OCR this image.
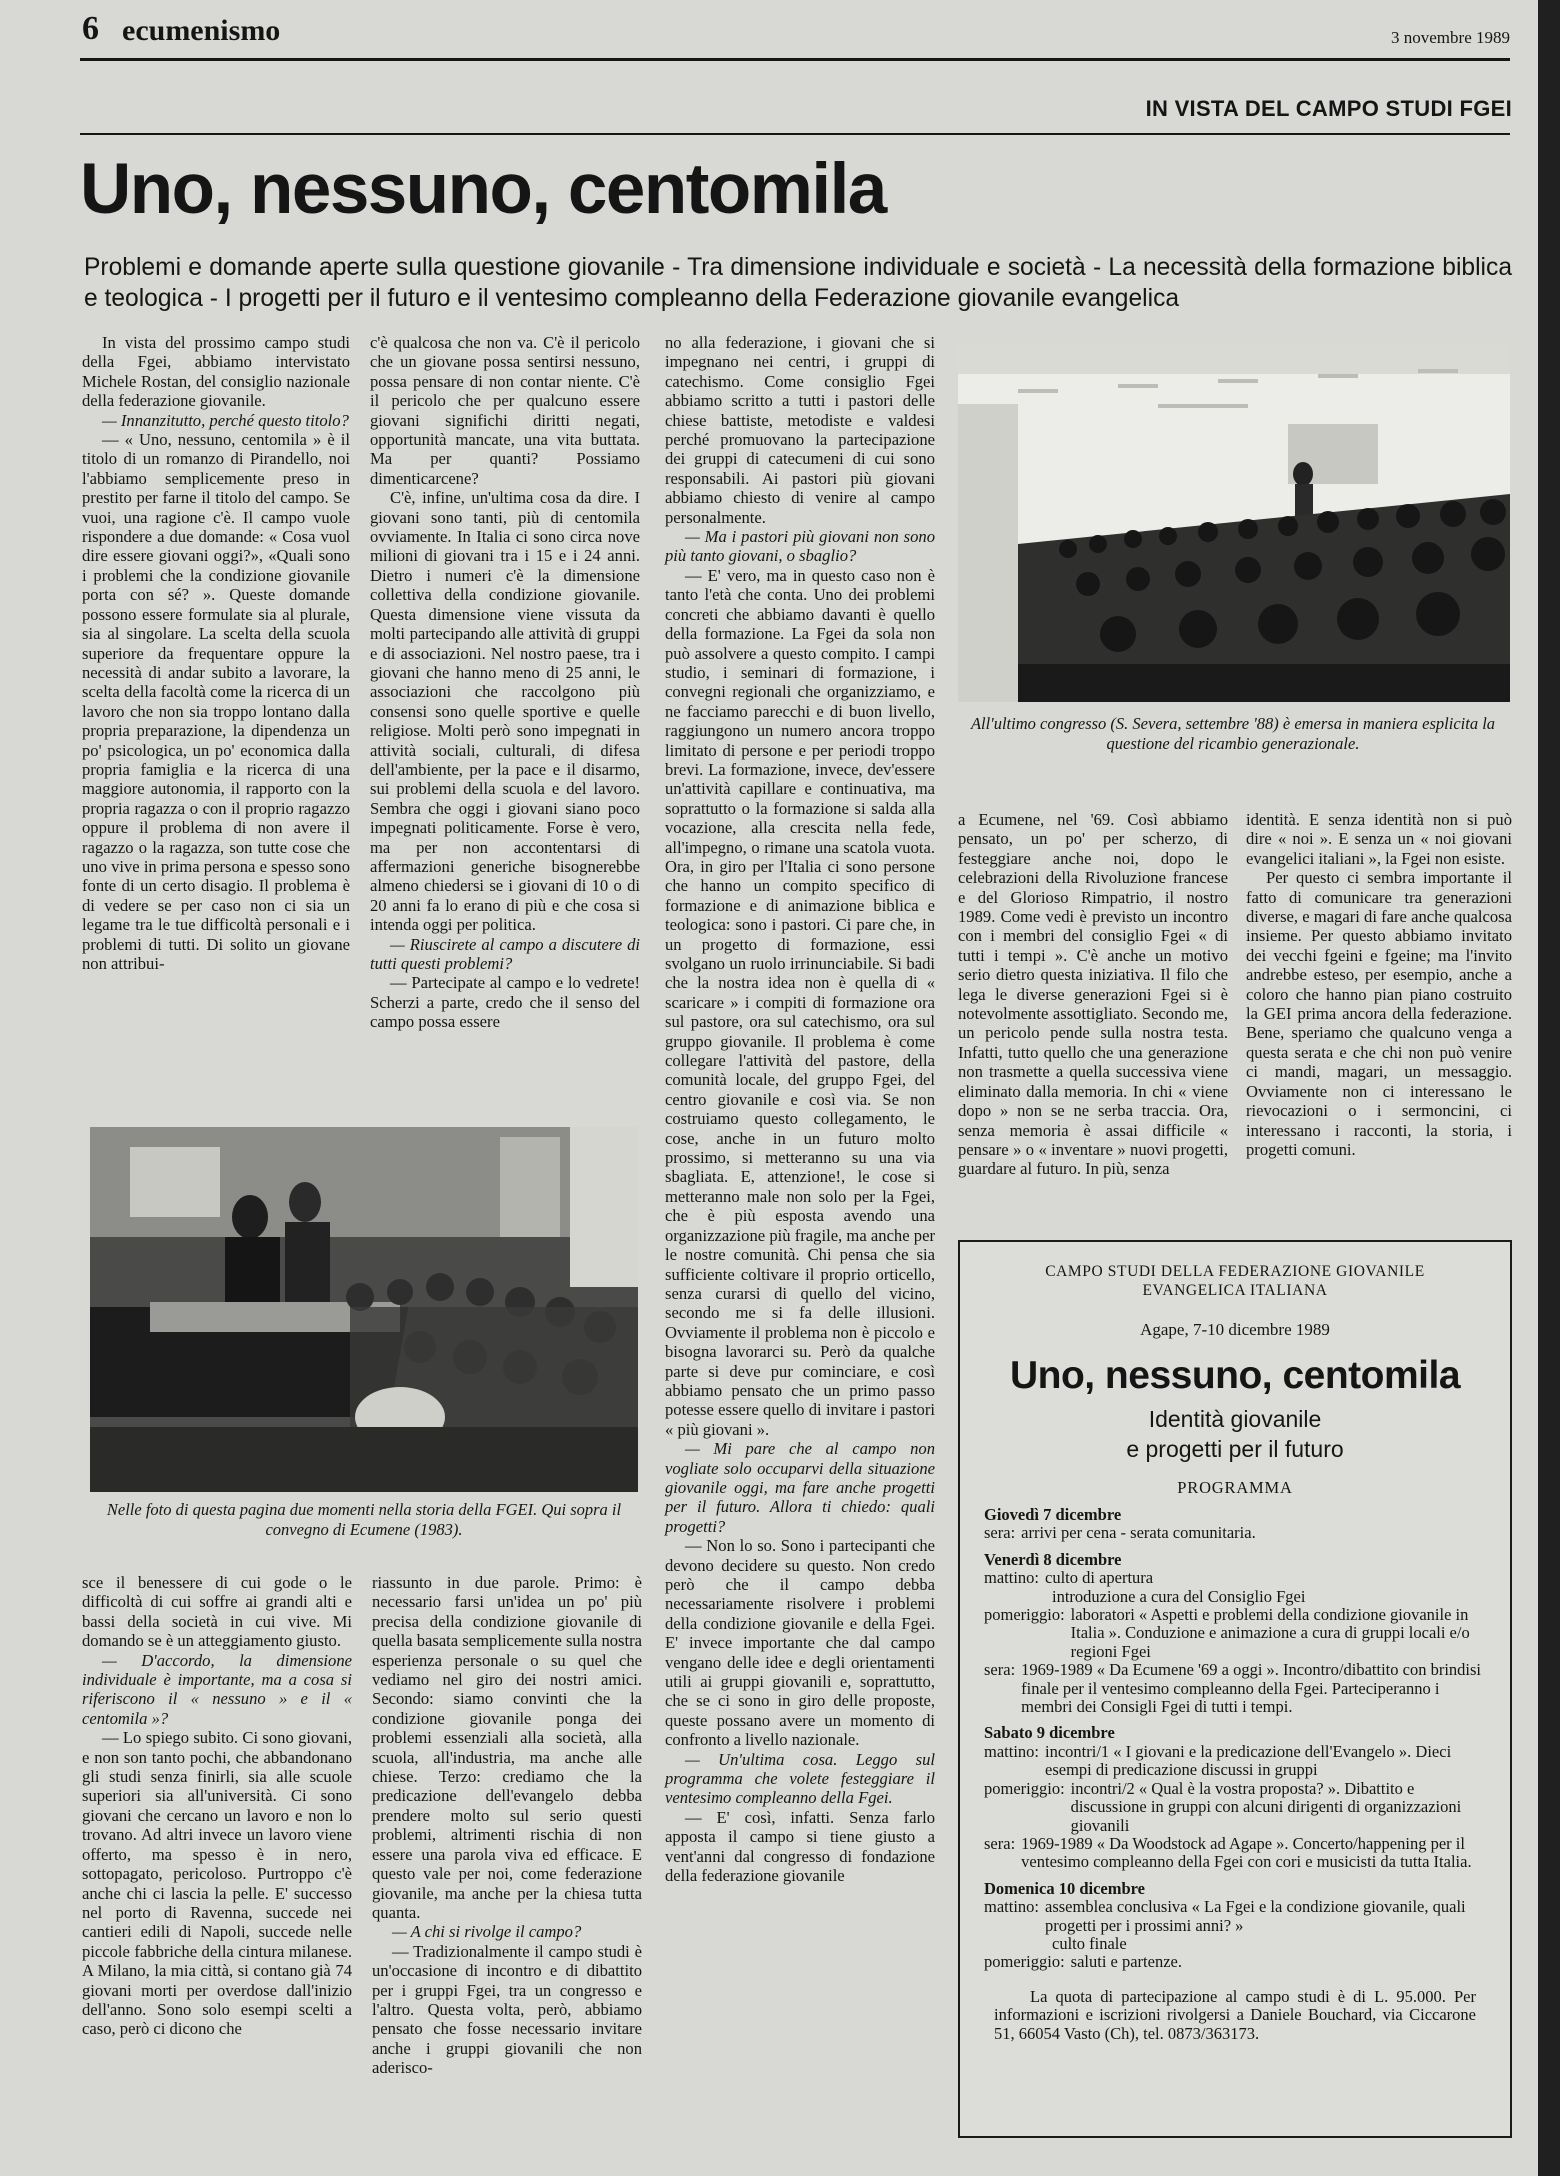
6 ecumenismo	3 novembre 1989
IN VISTA DEL CAMPO STUDI FGEI
Uno, nessuno, centomila
Problemi e domande aperte sulla questione giovanile - Tra dimensione individuale e società - La necessità della formazione biblica e teologica - I progetti per il futuro e il ventesimo compleanno della Federazione giovanile evangelica

In vista del prossimo campo studi della Fgei, abbiamo intervistato Michele Rostan, del consiglio nazionale della federazione giovanile.

— Innanzitutto, perché questo titolo?

— « Uno, nessuno, centomila » è il titolo di un romanzo di Pirandello, noi l'abbiamo semplicemente preso in prestito per farne il titolo del campo. Se vuoi, una ragione c'è. Il campo vuole rispondere a due domande: « Cosa vuol dire essere giovani oggi?», «Quali sono i problemi che la condizione giovanile porta con sé? ». Queste domande possono essere formulate sia al plurale, sia al singolare. La scelta della scuola superiore da frequentare oppure la necessità di andar subito a lavorare, la scelta della facoltà come la ricerca di un lavoro che non sia troppo lontano dalla propria preparazione, la dipendenza un po' psicologica, un po' economica dalla propria famiglia e la ricerca di una maggiore autonomia, il rapporto con la propria ragazza o con il proprio ragazzo oppure il problema di non avere il ragazzo o la ragazza, son tutte cose che uno vive in prima persona e spesso sono fonte di un certo disagio. Il problema è di vedere se per caso non ci sia un legame tra le tue difficoltà personali e i problemi di tutti. Di solito un giovane non attribui-

c'è qualcosa che non va. C'è il pericolo che un giovane possa sentirsi nessuno, possa pensare di non contar niente. C'è il pericolo che per qualcuno essere giovani significhi diritti negati, opportunità mancate, una vita buttata. Ma per quanti? Possiamo dimenticarcene?

C'è, infine, un'ultima cosa da dire. I giovani sono tanti, più di centomila ovviamente. In Italia ci sono circa nove milioni di giovani tra i 15 e i 24 anni. Dietro i numeri c'è la dimensione collettiva della condizione giovanile. Questa dimensione viene vissuta da molti partecipando alle attività di gruppi e di associazioni. Nel nostro paese, tra i giovani che hanno meno di 25 anni, le associazioni che raccolgono più consensi sono quelle sportive e quelle religiose. Molti però sono impegnati in attività sociali, culturali, di difesa dell'ambiente, per la pace e il disarmo, sui problemi della scuola e del lavoro. Sembra che oggi i giovani siano poco impegnati politicamente. Forse è vero, ma per non accontentarsi di affermazioni generiche bisognerebbe almeno chiedersi se i giovani di 10 o di 20 anni fa lo erano di più e che cosa si intenda oggi per politica.

— Riuscirete al campo a discutere di tutti questi problemi?

— Partecipate al campo e lo vedrete! Scherzi a parte, credo che il senso del campo possa essere

Nelle foto di questa pagina due momenti nella storia della FGEI. Qui sopra il convegno di Ecumene (1983).

sce il benessere di cui gode o le difficoltà di cui soffre ai grandi alti e bassi della società in cui vive. Mi domando se è un atteggiamento giusto.

— D'accordo, la dimensione individuale è importante, ma a cosa si riferiscono il « nessuno » e il « centomila »?

— Lo spiego subito. Ci sono giovani, e non son tanto pochi, che abbandonano gli studi senza finirli, sia alle scuole superiori sia all'università. Ci sono giovani che cercano un lavoro e non lo trovano. Ad altri invece un lavoro viene offerto, ma spesso è in nero, sottopagato, pericoloso. Purtroppo c'è anche chi ci lascia la pelle. E' successo nel porto di Ravenna, succede nei cantieri edili di Napoli, succede nelle piccole fabbriche della cintura milanese. A Milano, la mia città, si contano già 74 giovani morti per overdose dall'inizio dell'anno. Sono solo esempi scelti a caso, però ci dicono che

riassunto in due parole. Primo: è necessario farsi un'idea un po' più precisa della condizione giovanile di quella basata semplicemente sulla nostra esperienza personale o su quel che vediamo nel giro dei nostri amici. Secondo: siamo convinti che la condizione giovanile ponga dei problemi essenziali alla società, alla scuola, all'industria, ma anche alle chiese. Terzo: crediamo che la predicazione dell'evangelo debba prendere molto sul serio questi problemi, altrimenti rischia di non essere una parola viva ed efficace. E questo vale per noi, come federazione giovanile, ma anche per la chiesa tutta quanta.

— A chi si rivolge il campo?

— Tradizionalmente il campo studi è un'occasione di incontro e di dibattito per i gruppi Fgei, tra un congresso e l'altro. Questa volta, però, abbiamo pensato che fosse necessario invitare anche i gruppi giovanili che non aderisco-

no alla federazione, i giovani che si impegnano nei centri, i gruppi di catechismo. Come consiglio Fgei abbiamo scritto a tutti i pastori delle chiese battiste, metodiste e valdesi perché promuovano la partecipazione dei gruppi di catecumeni di cui sono responsabili. Ai pastori più giovani abbiamo chiesto di venire al campo personalmente.

— Ma i pastori più giovani non sono più tanto giovani, o sbaglio?

— E' vero, ma in questo caso non è tanto l'età che conta. Uno dei problemi concreti che abbiamo davanti è quello della formazione. La Fgei da sola non può assolvere a questo compito. I campi studio, i seminari di formazione, i convegni regionali che organizziamo, e ne facciamo parecchi e di buon livello, raggiungono un numero ancora troppo limitato di persone e per periodi troppo brevi. La formazione, invece, dev'essere un'attività capillare e continuativa, ma soprattutto o la formazione si salda alla vocazione, alla crescita nella fede, all'impegno, o rimane una scatola vuota. Ora, in giro per l'Italia ci sono persone che hanno un compito specifico di formazione e di animazione biblica e teologica: sono i pastori. Ci pare che, in un progetto di formazione, essi svolgano un ruolo irrinunciabile. Si badi che la nostra idea non è quella di « scaricare » i compiti di formazione ora sul pastore, ora sul catechismo, ora sul gruppo giovanile. Il problema è come collegare l'attività del pastore, della comunità locale, del gruppo Fgei, del centro giovanile e così via. Se non costruiamo questo collegamento, le cose, anche in un futuro molto prossimo, si metteranno su una via sbagliata. E, attenzione!, le cose si metteranno male non solo per la Fgei, che è più esposta avendo una organizzazione più fragile, ma anche per le nostre comunità. Chi pensa che sia sufficiente coltivare il proprio orticello, senza curarsi di quello del vicino, secondo me si fa delle illusioni. Ovviamente il problema non è piccolo e bisogna lavorarci su. Però da qualche parte si deve pur cominciare, e così abbiamo pensato che un primo passo potesse essere quello di invitare i pastori « più giovani ».

— Mi pare che al campo non vogliate solo occuparvi della situazione giovanile oggi, ma fare anche progetti per il futuro. Allora ti chiedo: quali progetti?

— Non lo so. Sono i partecipanti che devono decidere su questo. Non credo però che il campo debba necessariamente risolvere i problemi della condizione giovanile e della Fgei. E' invece importante che dal campo vengano delle idee e degli orientamenti utili ai gruppi giovanili e, soprattutto, che se ci sono in giro delle proposte, queste possano avere un momento di confronto a livello nazionale.

— Un'ultima cosa. Leggo sul programma che volete festeggiare il ventesimo compleanno della Fgei.

— E' così, infatti. Senza farlo apposta il campo si tiene giusto a vent'anni dal congresso di fondazione della federazione giovanile

All'ultimo congresso (S. Severa, settembre '88) è emersa in maniera esplicita la questione del ricambio generazionale.

a Ecumene, nel '69. Così abbiamo pensato, un po' per scherzo, di festeggiare anche noi, dopo le celebrazioni della Rivoluzione francese e del Glorioso Rimpatrio, il nostro 1989. Come vedi è previsto un incontro con i membri del consiglio Fgei « di tutti i tempi ». C'è anche un motivo serio dietro questa iniziativa. Il filo che lega le diverse generazioni Fgei si è notevolmente assottigliato. Secondo me, un pericolo pende sulla nostra testa. Infatti, tutto quello che una generazione non trasmette a quella successiva viene eliminato dalla memoria. In chi « viene dopo » non se ne serba traccia. Ora, senza memoria è assai difficile « pensare » o « inventare » nuovi progetti, guardare al futuro. In più, senza

identità. E senza identità non si può dire « noi ». E senza un « noi giovani evangelici italiani », la Fgei non esiste.

Per questo ci sembra importante il fatto di comunicare tra generazioni diverse, e magari di fare anche qualcosa insieme. Per questo abbiamo invitato dei vecchi fgeini e fgeine; ma l'invito andrebbe esteso, per esempio, anche a coloro che hanno pian piano costruito la GEI prima ancora della federazione. Bene, speriamo che qualcuno venga a questa serata e che chi non può venire ci mandi, magari, un messaggio. Ovviamente non ci interessano le rievocazioni o i sermoncini, ci interessano i racconti, la storia, i progetti comuni.

CAMPO STUDI DELLA FEDERAZIONE GIOVANILE EVANGELICA ITALIANA
Agape, 7-10 dicembre 1989
Uno, nessuno, centomila
Identità giovanile
e progetti per il futuro
PROGRAMMA
Giovedì 7 dicembre
sera: arrivi per cena - serata comunitaria.
Venerdì 8 dicembre
mattino: culto di apertura
introduzione a cura del Consiglio Fgei
pomeriggio: laboratori « Aspetti e problemi della condizione giovanile in Italia ». Conduzione e animazione a cura di gruppi locali e/o regioni Fgei
sera: 1969-1989 « Da Ecumene '69 a oggi ». Incontro/dibattito con brindisi finale per il ventesimo compleanno della Fgei. Parteciperanno i membri dei Consigli Fgei di tutti i tempi.
Sabato 9 dicembre
mattino: incontri/1 « I giovani e la predicazione dell'Evangelo ». Dieci esempi di predicazione discussi in gruppi
pomeriggio: incontri/2 « Qual è la vostra proposta? ». Dibattito e discussione in gruppi con alcuni dirigenti di organizzazioni giovanili
sera: 1969-1989 « Da Woodstock ad Agape ». Concerto/happening per il ventesimo compleanno della Fgei con cori e musicisti da tutta Italia.
Domenica 10 dicembre
mattino: assemblea conclusiva « La Fgei e la condizione giovanile, quali progetti per i prossimi anni? »
culto finale
pomeriggio: saluti e partenze.
La quota di partecipazione al campo studi è di L. 95.000. Per informazioni e iscrizioni rivolgersi a Daniele Bouchard, via Ciccarone 51, 66054 Vasto (Ch), tel. 0873/363173.
